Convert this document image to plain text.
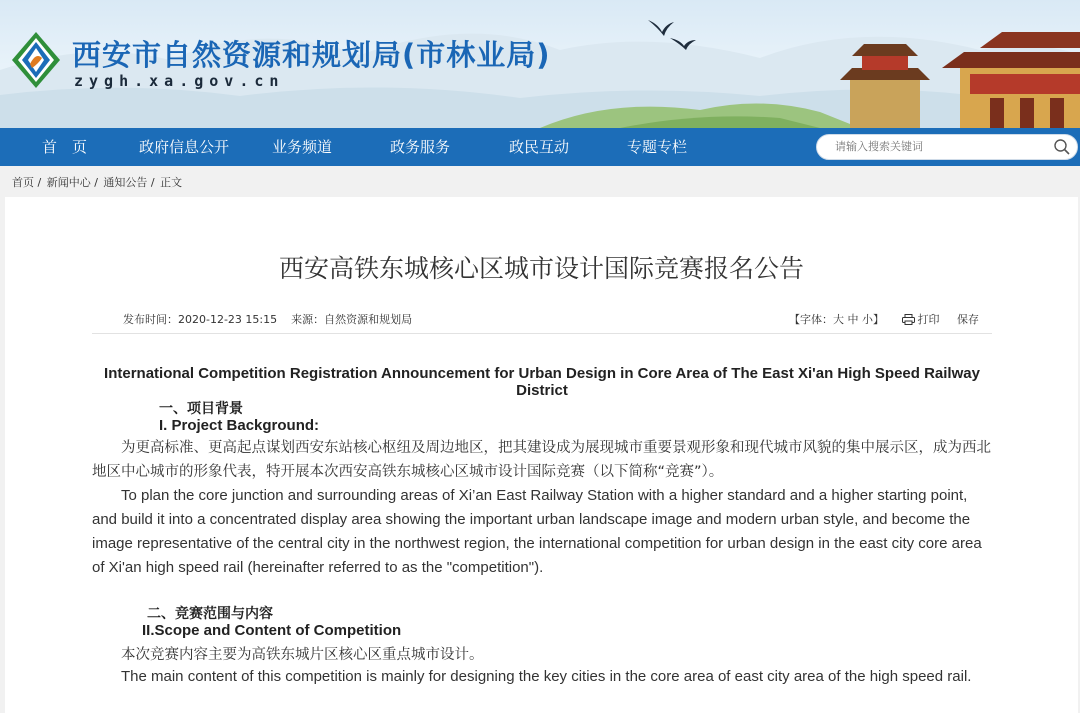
西安市自然资源和规划局(市林业局)
zygh.xa.gov.cn
首　页	政府信息公开	业务频道	政务服务	政民互动	专题专栏
请输入搜索关键词
首页 / 新闻中心 / 通知公告 / 正文
西安高铁东城核心区城市设计国际竞赛报名公告
发布时间：2020-12-23 15:15 来源：自然资源和规划局	【字体：大 中 小】	打印 保存
International Competition Registration Announcement for Urban Design in Core Area of The East Xi'an High Speed Railway District
一、项目背景
I. Project Background:
为更高标准、更高起点谋划西安东站核心枢纽及周边地区，把其建设成为展现城市重要景观形象和现代城市风貌的集中展示区，成为西北地区中心城市的形象代表，特开展本次西安高铁东城核心区城市设计国际竞赛（以下简称“竞赛”）。
To plan the core junction and surrounding areas of Xi’an East Railway Station with a higher standard and a higher starting point, and build it into a concentrated display area showing the important urban landscape image and modern urban style, and become the image representative of the central city in the northwest region, the international competition for urban design in the east city core area of Xi'an high speed rail (hereinafter referred to as the "competition").
二、竞赛范围与内容
II.Scope and Content of Competition
本次竞赛内容主要为高铁东城片区核心区重点城市设计。
The main content of this competition is mainly for designing the key cities in the core area of east city area of the high speed rail.
